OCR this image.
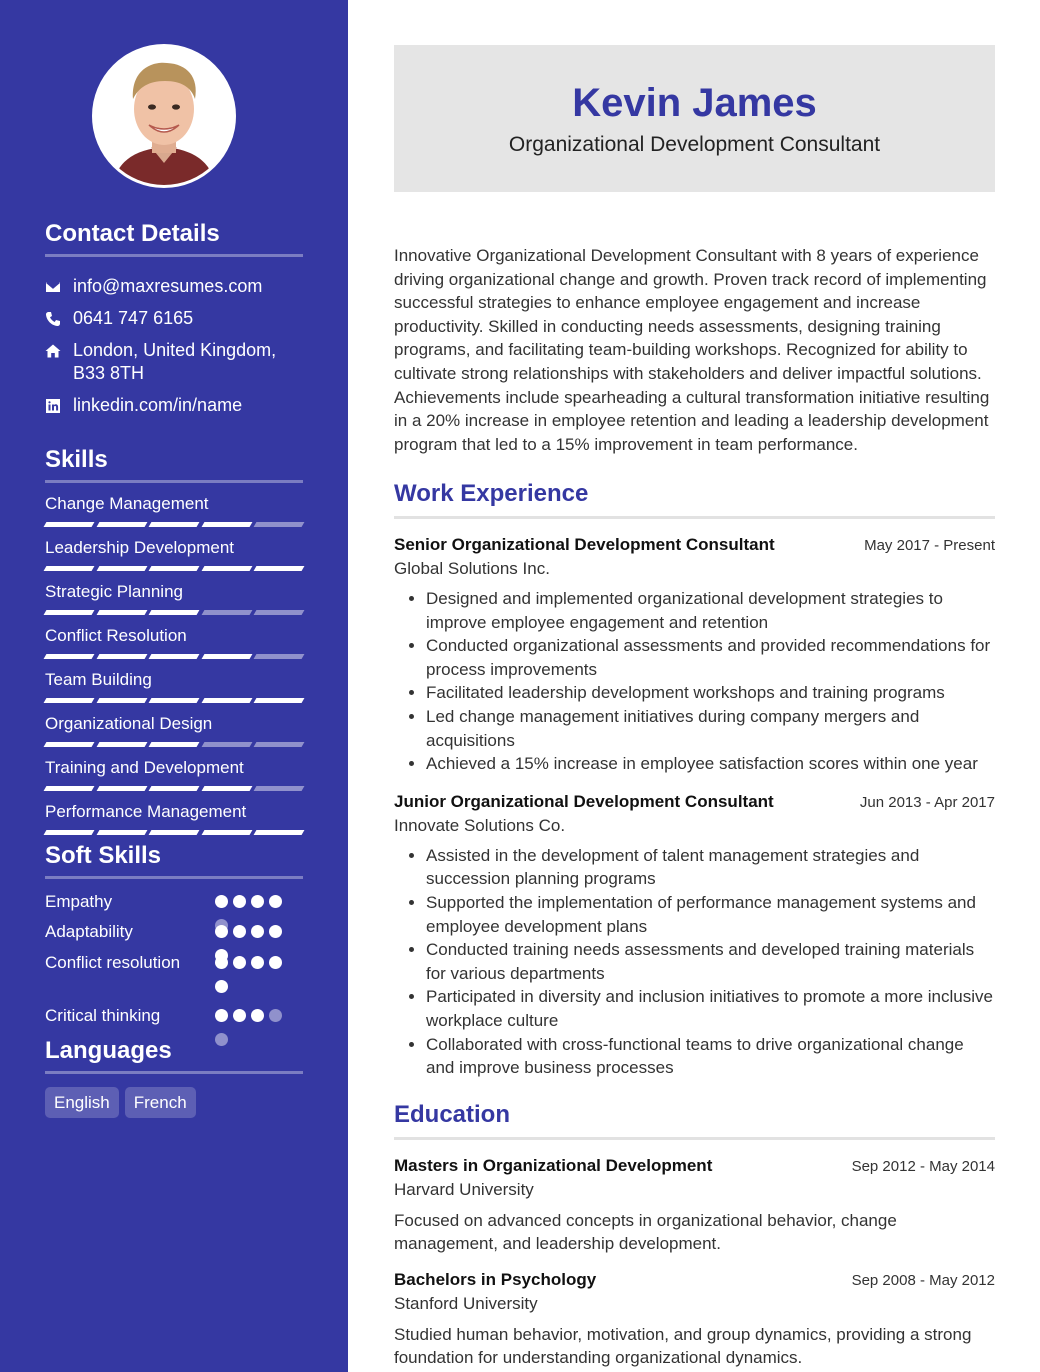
Contact Details
info@maxresumes.com
0641 747 6165
London, United Kingdom, B33 8TH
linkedin.com/in/name
Skills
Change Management
Leadership Development
Strategic Planning
Conflict Resolution
Team Building
Organizational Design
Training and Development
Performance Management
Soft Skills
Empathy
Adaptability
Conflict resolution
Critical thinking
Languages
English	French
Kevin James
Organizational Development Consultant

Innovative Organizational Development Consultant with 8 years of experience driving organizational change and growth. Proven track record of implementing successful strategies to enhance employee engagement and increase productivity. Skilled in conducting needs assessments, designing training programs, and facilitating team-building workshops. Recognized for ability to cultivate strong relationships with stakeholders and deliver impactful solutions. Achievements include spearheading a cultural transformation initiative resulting in a 20% increase in employee retention and leading a leadership development program that led to a 15% improvement in team performance.

Work Experience
Senior Organizational Development Consultant	May 2017 - Present
Global Solutions Inc.
• Designed and implemented organizational development strategies to improve employee engagement and retention
• Conducted organizational assessments and provided recommendations for process improvements
• Facilitated leadership development workshops and training programs
• Led change management initiatives during company mergers and acquisitions
• Achieved a 15% increase in employee satisfaction scores within one year
Junior Organizational Development Consultant	Jun 2013 - Apr 2017
Innovate Solutions Co.
• Assisted in the development of talent management strategies and succession planning programs
• Supported the implementation of performance management systems and employee development plans
• Conducted training needs assessments and developed training materials for various departments
• Participated in diversity and inclusion initiatives to promote a more inclusive workplace culture
• Collaborated with cross-functional teams to drive organizational change and improve business processes
Education
Masters in Organizational Development	Sep 2012 - May 2014
Harvard University

Focused on advanced concepts in organizational behavior, change management, and leadership development.

Bachelors in Psychology	Sep 2008 - May 2012
Stanford University

Studied human behavior, motivation, and group dynamics, providing a strong foundation for understanding organizational dynamics.
